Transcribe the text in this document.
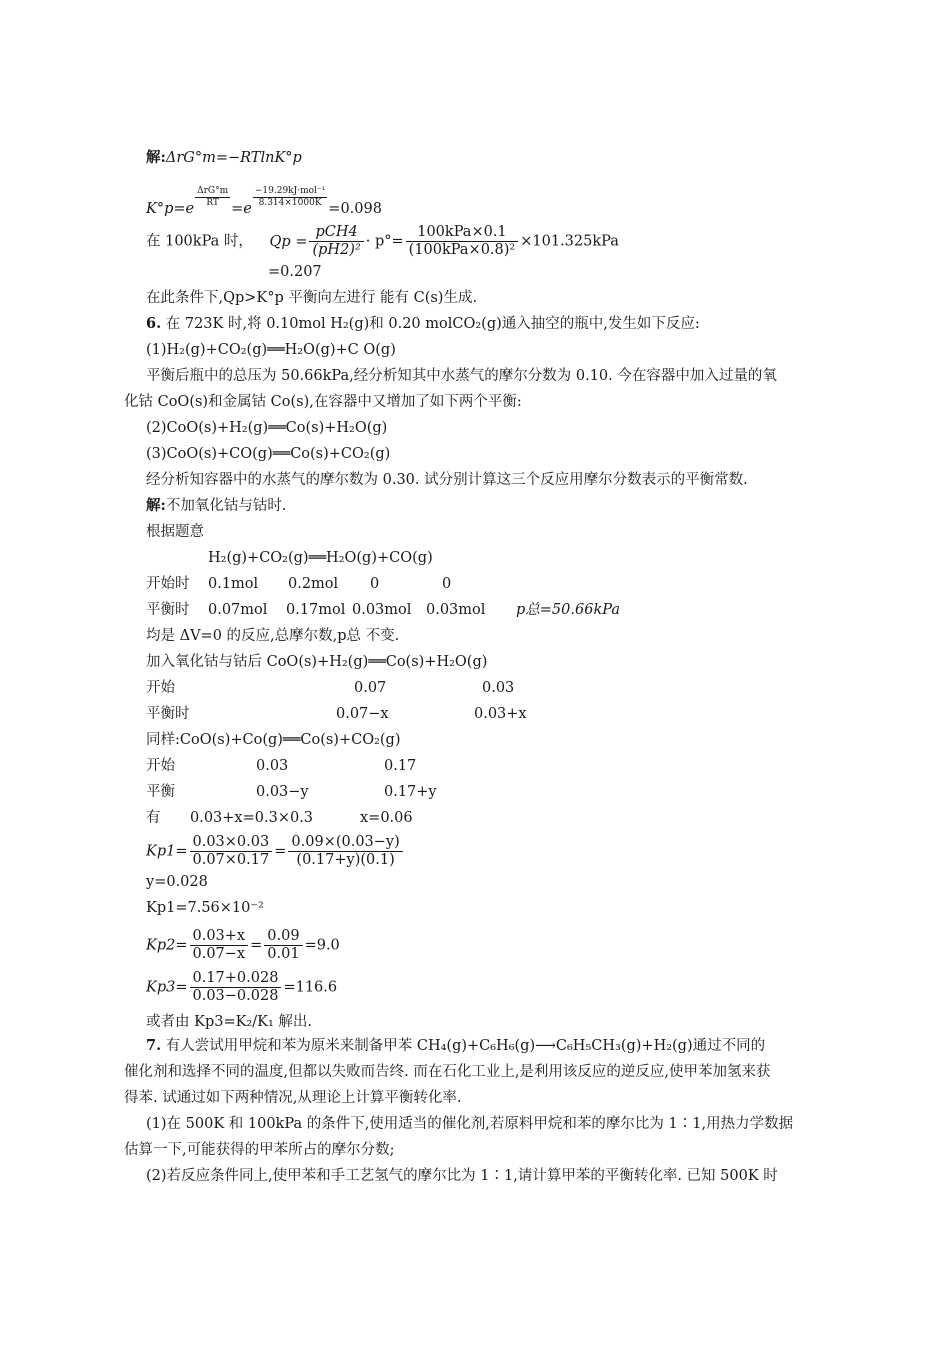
解:ΔrG°m=−RTlnK°p
K°p=e
ΔrG°m
RT =e
−19.29kJ·mol⁻¹
8.314×1000K =0.098
在 100kPa 时， $Qp = \frac{\text{pCH4}}{\text{(pH2)²}} \cdot p^\circ= \frac{\text{100kPa×0.1}}{\text{(100kPa×0.8)²}} \times 101.325kPa$
=0.207
在此条件下,Qp>K°p 平衡向左进行 能有 C(s)生成.
6. 在 723K 时,将 0.10mol H₂(g)和 0.20 molCO₂(g)通入抽空的瓶中,发生如下反应:
(1)H₂(g)+CO₂(g)══H₂O(g)+C O(g)
平衡后瓶中的总压为 50.66kPa,经分析知其中水蒸气的摩尔分数为 0.10. 今在容器中加入过量的氧
化钴 CoO(s)和金属钴 Co(s),在容器中又增加了如下两个平衡:
(2)CoO(s)+H₂(g)══Co(s)+H₂O(g)
(3)CoO(s)+CO(g)══Co(s)+CO₂(g)
经分析知容器中的水蒸气的摩尔数为 0.30. 试分别计算这三个反应用摩尔分数表示的平衡常数.
解:不加氧化钴与钴时.
根据题意
H₂(g)+CO₂(g)══H₂O(g)+CO(g)
开始时 0.1mol 0.2mol 0	0
平衡时 0.07mol 0.17mol 0.03mol 0.03mol p总=50.66kPa
均是 ΔV=0 的反应,总摩尔数,p总 不变.
加入氧化钴与钴后 CoO(s)+H₂(g)══Co(s)+H₂O(g)
开始	0.07	0.03
平衡时	0.07−x	0.03+x
同样:CoO(s)+Co(g)══Co(s)+CO₂(g)
开始	0.03	0.17
平衡	0.03−y	0.17+y
有 0.03+x=0.3×0.3	x=0.06
$Kp1= \frac{0.03\times 0.03}{0.07\times 0.17} = \frac{0.09\times(0.03-y)}{(0.17+y)(0.1)}$
y=0.028
Kp1=7.56×10⁻²
$Kp2= \frac{0.03+x}{0.07-x} = \frac{0.09}{0.01} =9.0$
$Kp3= \frac{0.17+0.028}{0.03-0.028} =116.6$
或者由 Kp3=K₂/K₁ 解出.
7. 有人尝试用甲烷和苯为原米来制备甲苯 CH₄(g)+C₆H₆(g)⟶C₆H₅CH₃(g)+H₂(g)通过不同的
催化剂和选择不同的温度,但都以失败而告终. 而在石化工业上,是利用该反应的逆反应,使甲苯加氢来获
得苯. 试通过如下两种情况,从理论上计算平衡转化率.
(1)在 500K 和 100kPa 的条件下,使用适当的催化剂,若原料甲烷和苯的摩尔比为 1∶1,用热力学数据
估算一下,可能获得的甲苯所占的摩尔分数;
(2)若反应条件同上,使甲苯和手工艺氢气的摩尔比为 1∶1,请计算甲苯的平衡转化率. 已知 500K 时
